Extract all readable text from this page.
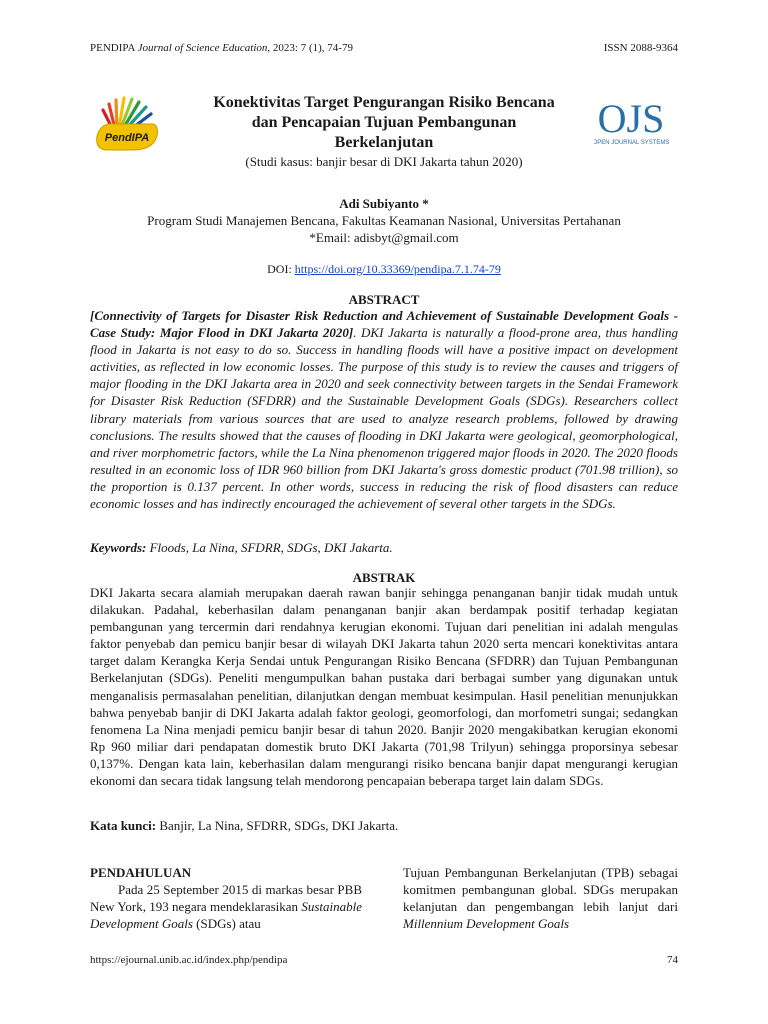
PENDIPA Journal of Science Education, 2023: 7 (1), 74-79	ISSN 2088-9364
PendIPA	OJS
OPEN JOURNAL SYSTEMS

Konektivitas Target Pengurangan Risiko Bencana

dan Pencapaian Tujuan Pembangunan

Berkelanjutan

(Studi kasus: banjir besar di DKI Jakarta tahun 2020)

Adi Subiyanto *

Program Studi Manajemen Bencana, Fakultas Keamanan Nasional, Universitas Pertahanan

*Email: adisbyt@gmail.com

DOI: https://doi.org/10.33369/pendipa.7.1.74-79
ABSTRACT
[Connectivity of Targets for Disaster Risk Reduction and Achievement of Sustainable Development Goals - Case Study: Major Flood in DKI Jakarta 2020]. DKI Jakarta is naturally a flood-prone area, thus handling flood in Jakarta is not easy to do so. Success in handling floods will have a positive impact on development activities, as reflected in low economic losses. The purpose of this study is to review the causes and triggers of major flooding in the DKI Jakarta area in 2020 and seek connectivity between targets in the Sendai Framework for Disaster Risk Reduction (SFDRR) and the Sustainable Development Goals (SDGs). Researchers collect library materials from various sources that are used to analyze research problems, followed by drawing conclusions. The results showed that the causes of flooding in DKI Jakarta were geological, geomorphological, and river morphometric factors, while the La Nina phenomenon triggered major floods in 2020. The 2020 floods resulted in an economic loss of IDR 960 billion from DKI Jakarta's gross domestic product (701.98 trillion), so the proportion is 0.137 percent. In other words, success in reducing the risk of flood disasters can reduce economic losses and has indirectly encouraged the achievement of several other targets in the SDGs.
Keywords: Floods, La Nina, SFDRR, SDGs, DKI Jakarta.
ABSTRAK
DKI Jakarta secara alamiah merupakan daerah rawan banjir sehingga penanganan banjir tidak mudah untuk dilakukan. Padahal, keberhasilan dalam penanganan banjir akan berdampak positif terhadap kegiatan pembangunan yang tercermin dari rendahnya kerugian ekonomi. Tujuan dari penelitian ini adalah mengulas faktor penyebab dan pemicu banjir besar di wilayah DKI Jakarta tahun 2020 serta mencari konektivitas antara target dalam Kerangka Kerja Sendai untuk Pengurangan Risiko Bencana (SFDRR) dan Tujuan Pembangunan Berkelanjutan (SDGs). Peneliti mengumpulkan bahan pustaka dari berbagai sumber yang digunakan untuk menganalisis permasalahan penelitian, dilanjutkan dengan membuat kesimpulan. Hasil penelitian menunjukkan bahwa penyebab banjir di DKI Jakarta adalah faktor geologi, geomorfologi, dan morfometri sungai; sedangkan fenomena La Nina menjadi pemicu banjir besar di tahun 2020. Banjir 2020 mengakibatkan kerugian ekonomi Rp 960 miliar dari pendapatan domestik bruto DKI Jakarta (701,98 Trilyun) sehingga proporsinya sebesar 0,137%. Dengan kata lain, keberhasilan dalam mengurangi risiko bencana banjir dapat mengurangi kerugian ekonomi dan secara tidak langsung telah mendorong pencapaian beberapa target lain dalam SDGs.
Kata kunci: Banjir, La Nina, SFDRR, SDGs, DKI Jakarta.

PENDAHULUAN

Pada 25 September 2015 di markas besar PBB New York, 193 negara mendeklarasikan Sustainable Development Goals (SDGs) atau

Tujuan Pembangunan Berkelanjutan (TPB) sebagai komitmen pembangunan global. SDGs merupakan kelanjutan dan pengembangan lebih lanjut dari Millennium Development Goals

https://ejournal.unib.ac.id/index.php/pendipa	74
